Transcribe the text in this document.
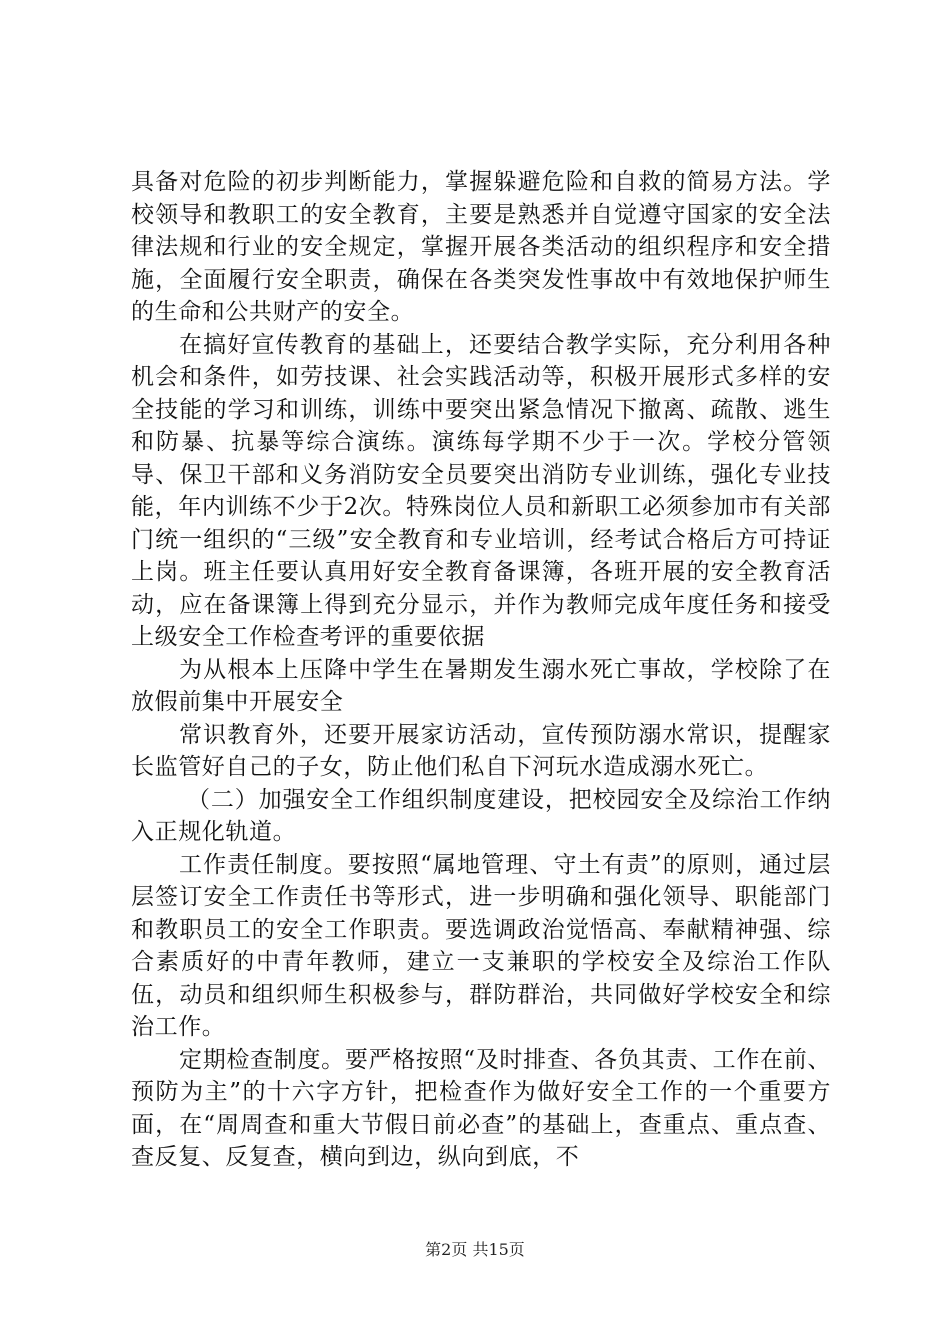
具备对危险的初步判断能力，掌握躲避危险和自救的简易方法。学校领导和教职工的安全教育，主要是熟悉并自觉遵守国家的安全法律法规和行业的安全规定，掌握开展各类活动的组织程序和安全措施，全面履行安全职责，确保在各类突发性事故中有效地保护师生的生命和公共财产的安全。

在搞好宣传教育的基础上，还要结合教学实际，充分利用各种机会和条件，如劳技课、社会实践活动等，积极开展形式多样的安全技能的学习和训练，训练中要突出紧急情况下撤离、疏散、逃生和防暴、抗暴等综合演练。演练每学期不少于一次。学校分管领导、保卫干部和义务消防安全员要突出消防专业训练，强化专业技能，年内训练不少于2次。特殊岗位人员和新职工必须参加市有关部门统一组织的“三级”安全教育和专业培训，经考试合格后方可持证上岗。班主任要认真用好安全教育备课簿，各班开展的安全教育活动，应在备课簿上得到充分显示，并作为教师完成年度任务和接受上级安全工作检查考评的重要依据

为从根本上压降中学生在暑期发生溺水死亡事故，学校除了在放假前集中开展安全

常识教育外，还要开展家访活动，宣传预防溺水常识，提醒家长监管好自己的子女，防止他们私自下河玩水造成溺水死亡。

（二）加强安全工作组织制度建设，把校园安全及综治工作纳入正规化轨道。

工作责任制度。要按照“属地管理、守土有责”的原则，通过层层签订安全工作责任书等形式，进一步明确和强化领导、职能部门和教职员工的安全工作职责。要选调政治觉悟高、奉献精神强、综合素质好的中青年教师，建立一支兼职的学校安全及综治工作队伍，动员和组织师生积极参与，群防群治，共同做好学校安全和综治工作。

定期检查制度。要严格按照“及时排查、各负其责、工作在前、预防为主”的十六字方针，把检查作为做好安全工作的一个重要方面，在“周周查和重大节假日前必查”的基础上，查重点、重点查、查反复、反复查，横向到边，纵向到底，不

第2页 共15页
